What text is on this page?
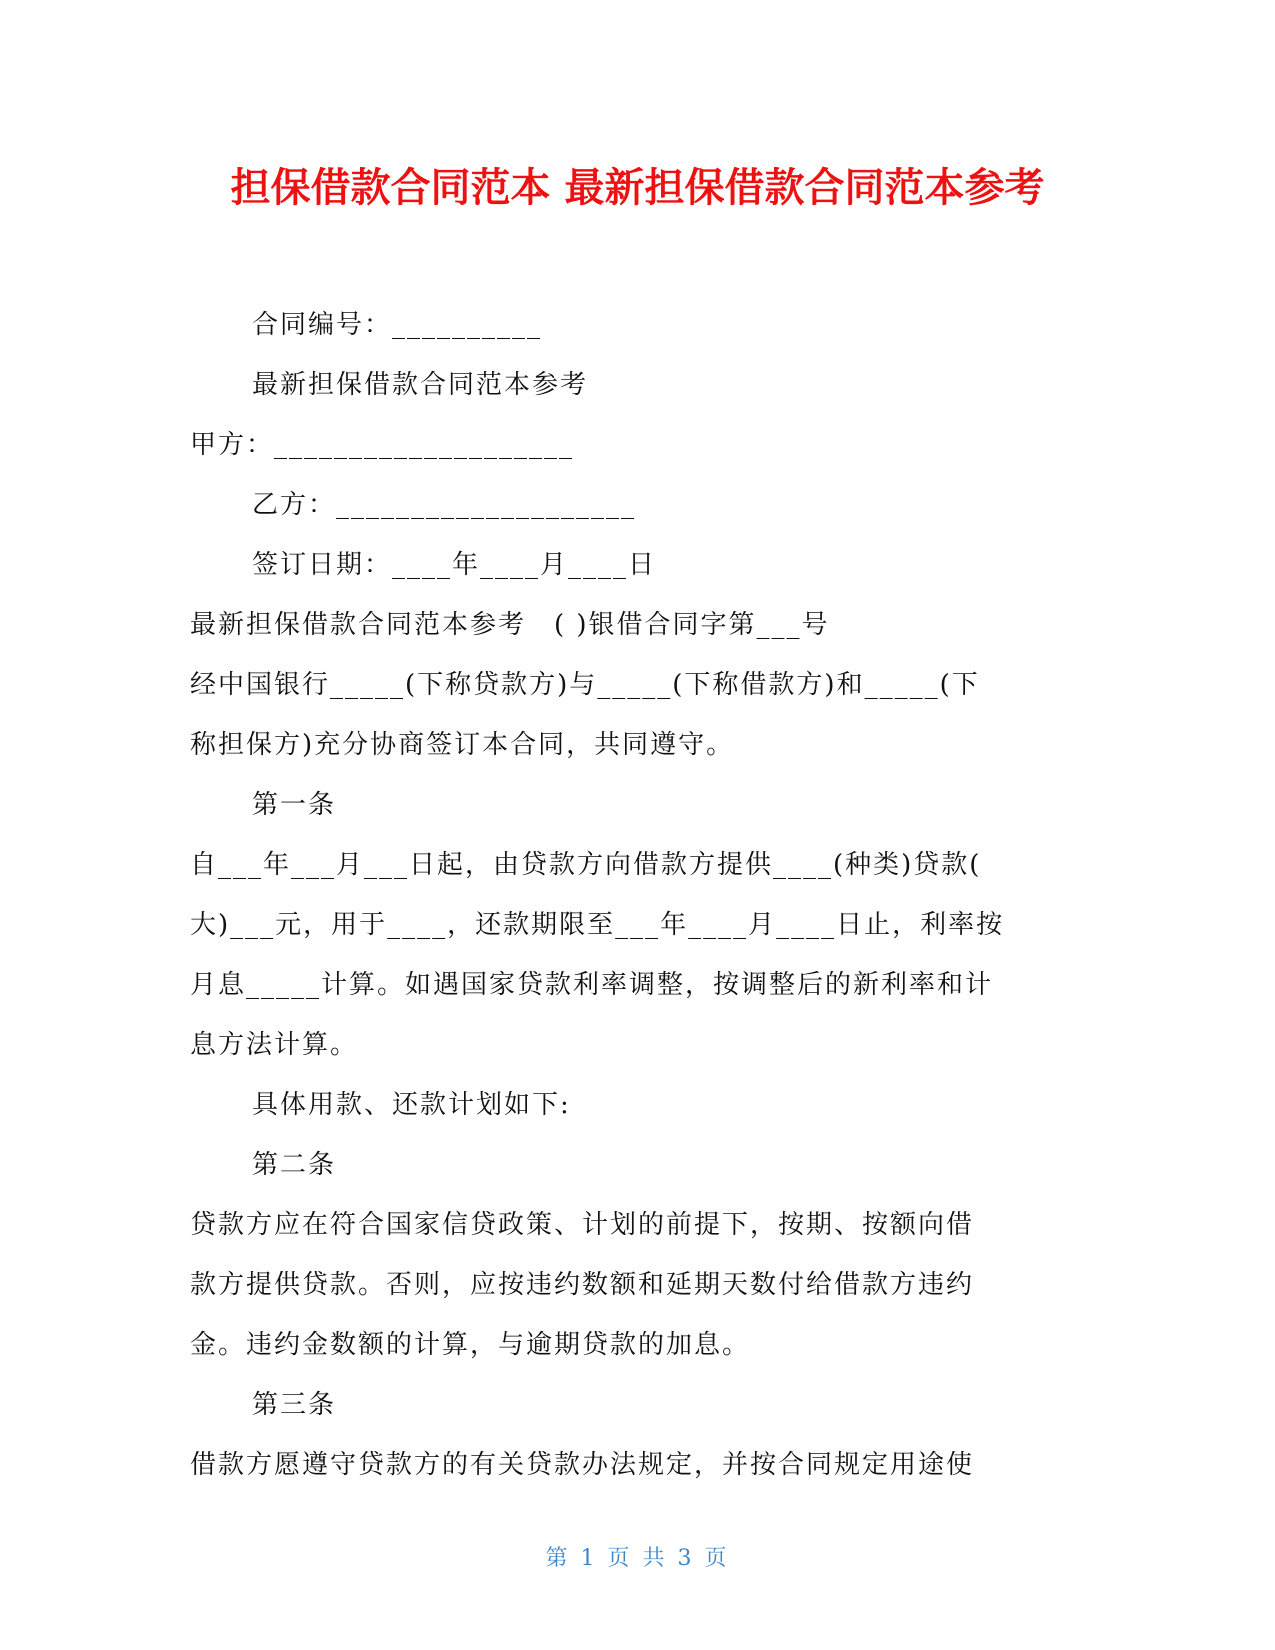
担保借款合同范本 最新担保借款合同范本参考

合同编号：__________

最新担保借款合同范本参考

甲方：____________________

乙方：____________________

签订日期：____年____月____日

最新担保借款合同范本参考　( )银借合同字第___号

经中国银行_____(下称贷款方)与_____(下称借款方)和_____(下

称担保方)充分协商签订本合同，共同遵守。

第一条

自___年___月___日起，由贷款方向借款方提供____(种类)贷款(

大)___元，用于____，还款期限至___年____月____日止，利率按

月息_____计算。如遇国家贷款利率调整，按调整后的新利率和计

息方法计算。

具体用款、还款计划如下:

第二条

贷款方应在符合国家信贷政策、计划的前提下，按期、按额向借

款方提供贷款。否则，应按违约数额和延期天数付给借款方违约

金。违约金数额的计算，与逾期贷款的加息。

第三条

借款方愿遵守贷款方的有关贷款办法规定，并按合同规定用途使

第 1 页 共 3 页
